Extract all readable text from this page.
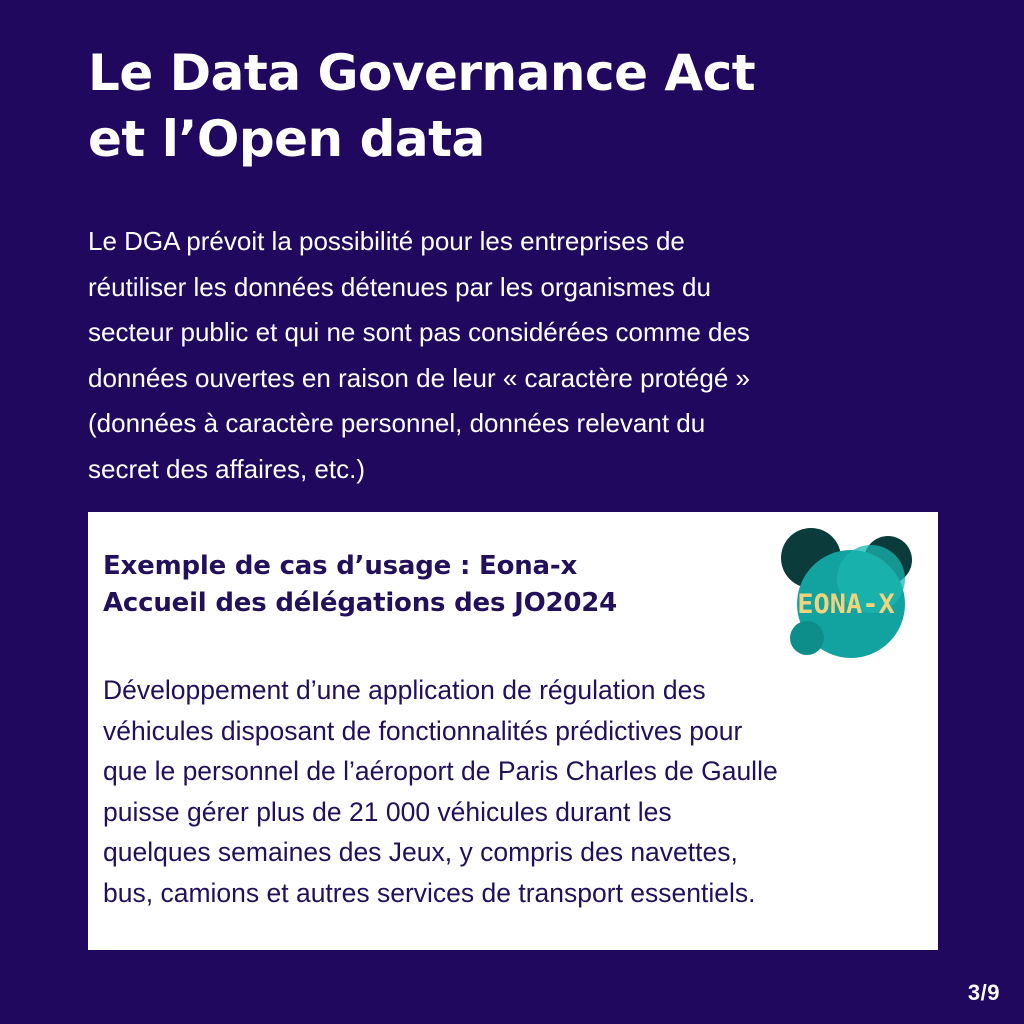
Le Data Governance Act
et l’Open data

Le DGA prévoit la possibilité pour les entreprises de
réutiliser les données détenues par les organismes du
secteur public et qui ne sont pas considérées comme des
données ouvertes en raison de leur « caractère protégé »
(données à caractère personnel, données relevant du
secret des affaires, etc.)

Exemple de cas d’usage : Eona-x
Accueil des délégations des JO2024	EONA-X

Développement d’une application de régulation des
véhicules disposant de fonctionnalités prédictives pour
que le personnel de l’aéroport de Paris Charles de Gaulle
puisse gérer plus de 21 000 véhicules durant les
quelques semaines des Jeux, y compris des navettes,
bus, camions et autres services de transport essentiels.

3/9
